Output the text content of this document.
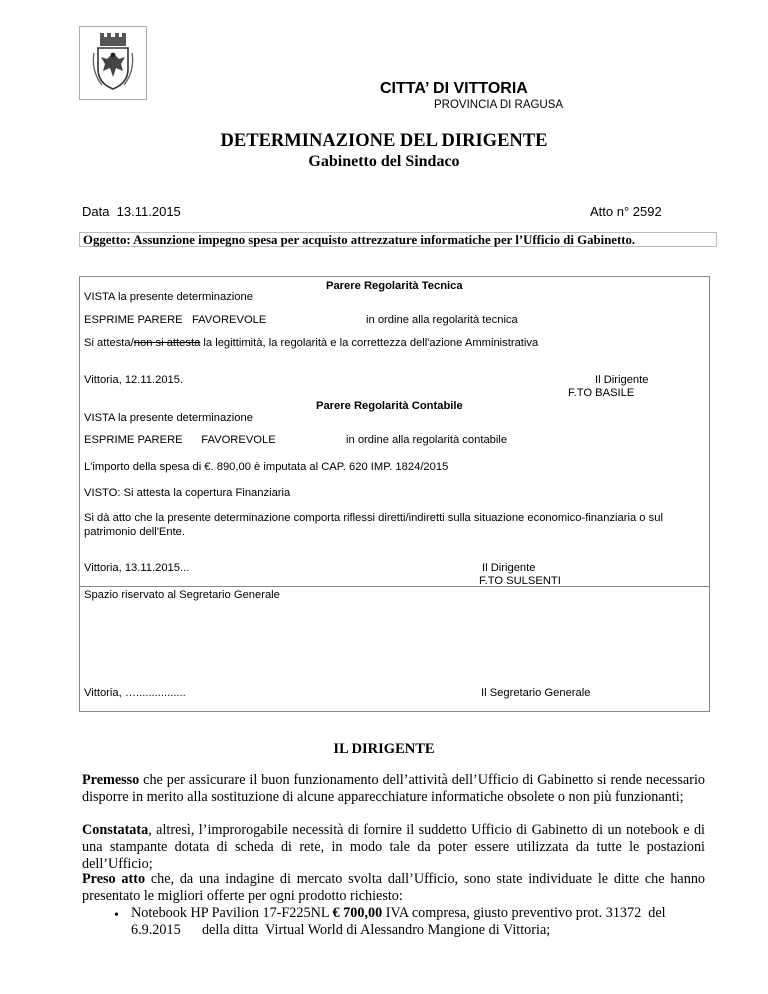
CITTA’ DI VITTORIA
PROVINCIA DI RAGUSA
DETERMINAZIONE DEL DIRIGENTE
Gabinetto del Sindaco
Data  13.11.2015	Atto n° 2592
Oggetto: Assunzione impegno spesa per acquisto attrezzature informatiche per l’Ufficio di Gabinetto.
Parere Regolarità Tecnica
VISTA la presente determinazione
ESPRIME PARERE   FAVOREVOLE	in ordine alla regolarità tecnica
Si attesta/non si attesta la legittimità, la regolarità e la correttezza dell'azione Amministrativa
Vittoria, 12.11.2015.	Il Dirigente
F.TO BASILE
Parere Regolarità Contabile
VISTA la presente determinazione
ESPRIME PARERE      FAVOREVOLE	in ordine alla regolarità contabile
L'importo della spesa di €. 890,00 è imputata al CAP. 620 IMP. 1824/2015
VISTO: Si attesta la copertura Finanziaria
Si dà atto che la presente determinazione comporta riflessi diretti/indiretti sulla situazione economico-finanziaria o sul
patrimonio dell'Ente.
Vittoria, 13.11.2015...	Il Dirigente
F.TO SULSENTI
Spazio riservato al Segretario Generale
Vittoria, …................	Il Segretario Generale
IL DIRIGENTE
Premesso che per assicurare il buon funzionamento dell’attività dell’Ufficio di Gabinetto si rende necessario disporre in merito alla sostituzione di alcune apparecchiature informatiche obsolete o non più funzionanti;
Constatata, altresì, l’improrogabile necessità di fornire il suddetto Ufficio di Gabinetto di un notebook e di una stampante dotata di scheda di rete, in modo tale da poter essere utilizzata da tutte le postazioni dell’Ufficio;
Preso atto che, da una indagine di mercato svolta dall’Ufficio, sono state individuate le ditte che hanno presentato le migliori offerte per ogni prodotto richiesto:
• Notebook HP Pavilion 17-F225NL € 700,00 IVA compresa, giusto preventivo prot. 31372  del 6.9.2015      della ditta  Virtual World di Alessandro Mangione di Vittoria;
